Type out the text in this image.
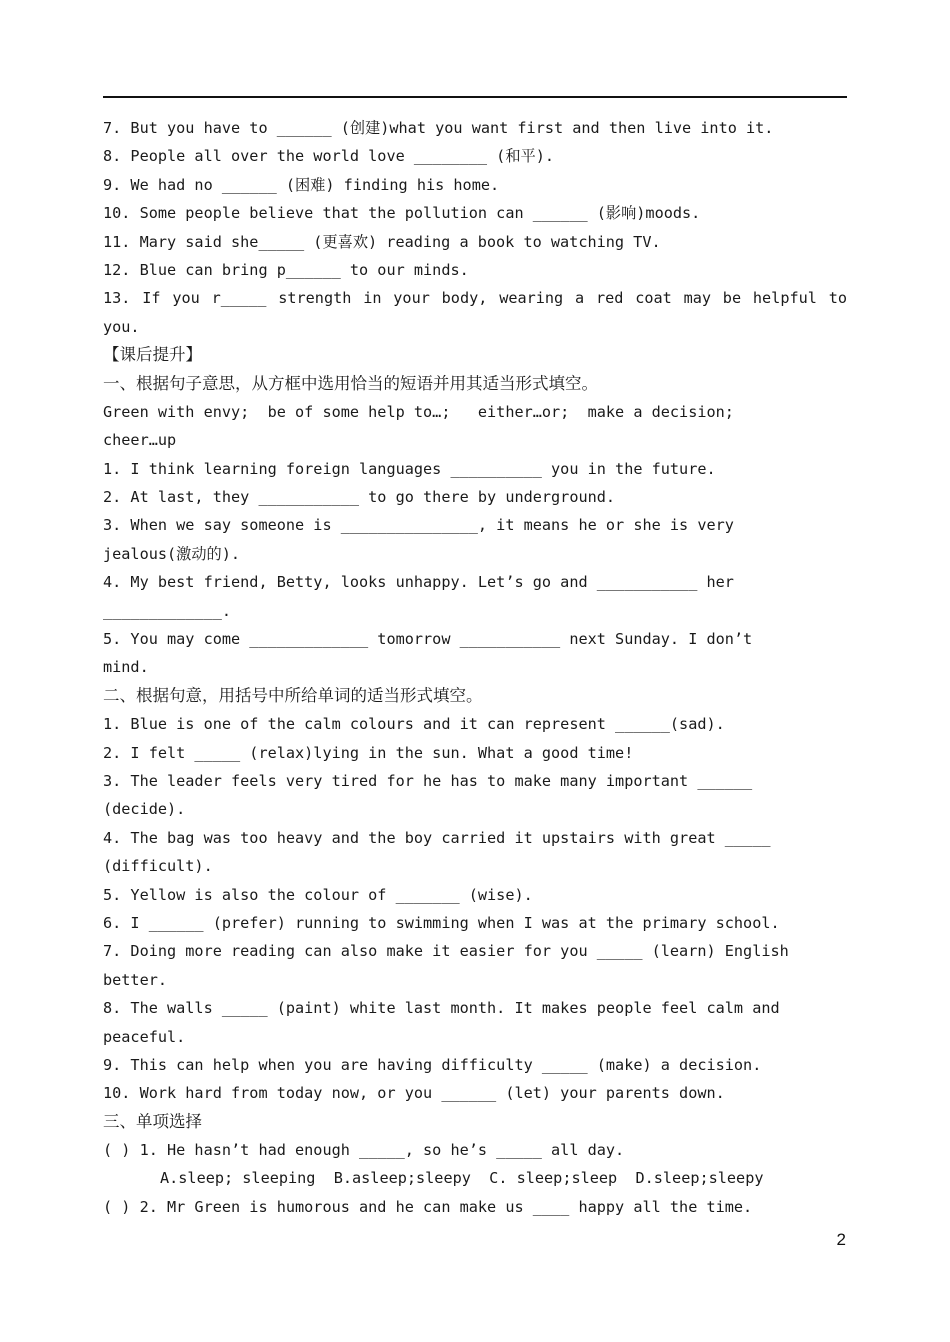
7. But you have to ______ (创建)what you want first and then live into it.
8. People all over the world love ________ (和平).
9. We had no ______ (困难) finding his home.
10. Some people believe that the pollution can ______ (影响)moods.
11. Mary said she_____ (更喜欢) reading a book to watching TV.
12. Blue can bring p______ to our minds.
13. If you r_____ strength in your body, wearing a red coat may be helpful to
you.
【课后提升】
一、根据句子意思，从方框中选用恰当的短语并用其适当形式填空。
Green with envy;  be of some help to…;   either…or;  make a decision;
cheer…up
1. I think learning foreign languages __________ you in the future.
2. At last, they ___________ to go there by underground.
3. When we say someone is _______________, it means he or she is very
jealous(激动的).
4. My best friend, Betty, looks unhappy. Let’s go and ___________ her
_____________.
5. You may come _____________ tomorrow ___________ next Sunday. I don’t
mind.
二、根据句意，用括号中所给单词的适当形式填空。
1. Blue is one of the calm colours and it can represent ______(sad).
2. I felt _____ (relax)lying in the sun. What a good time!
3. The leader feels very tired for he has to make many important ______
(decide).
4. The bag was too heavy and the boy carried it upstairs with great _____
(difficult).
5. Yellow is also the colour of _______ (wise).
6. I ______ (prefer) running to swimming when I was at the primary school.
7. Doing more reading can also make it easier for you _____ (learn) English
better.
8. The walls _____ (paint) white last month. It makes people feel calm and
peaceful.
9. This can help when you are having difficulty _____ (make) a decision.
10. Work hard from today now, or you ______ (let) your parents down.
三、单项选择
( ) 1. He hasn’t had enough _____, so he’s _____ all day.
A.sleep; sleeping  B.asleep;sleepy  C. sleep;sleep  D.sleep;sleepy
( ) 2. Mr Green is humorous and he can make us ____ happy all the time.
2
